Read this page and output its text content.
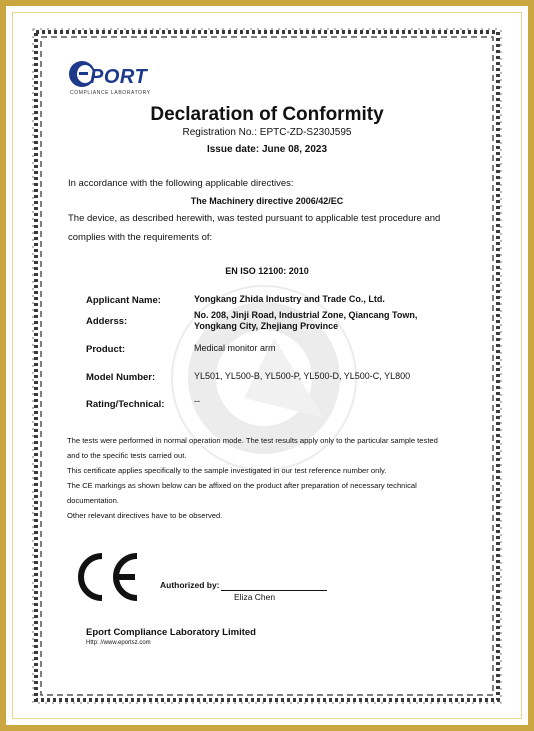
PORT
COMPLIANCE LABORATORY
Declaration of Conformity
Registration No.: EPTC-ZD-S230J595
Issue date: June 08, 2023
In accordance with the following applicable directives:
The Machinery directive 2006/42/EC
The device, as described herewith, was tested pursuant to applicable test procedure and
complies with the requirements of:
EN ISO 12100: 2010
Applicant Name:	Yongkang Zhida Industry and Trade Co., Ltd.
Adderss:
No. 208, Jinji Road, Industrial Zone, Qiancang Town,
Yongkang City, Zhejiang Province
Product:	Medical monitor arm
Model Number:	YL501, YL500-B, YL500-P, YL500-D, YL500-C, YL800
Rating/Technical:	--
The tests were performed in normal operation mode. The test results apply only to the particular sample tested
and to the specific tests carried out.
This certificate applies specifically to the sample investigated in our test reference number only.
The CE markings as shown below can be affixed on the product after preparation of necessary technical
documentation.
Other relevant directives have to be observed.
Authorized by:
Eliza Chen
Eport Compliance Laboratory Limited
Http: //www.eportsz.com
